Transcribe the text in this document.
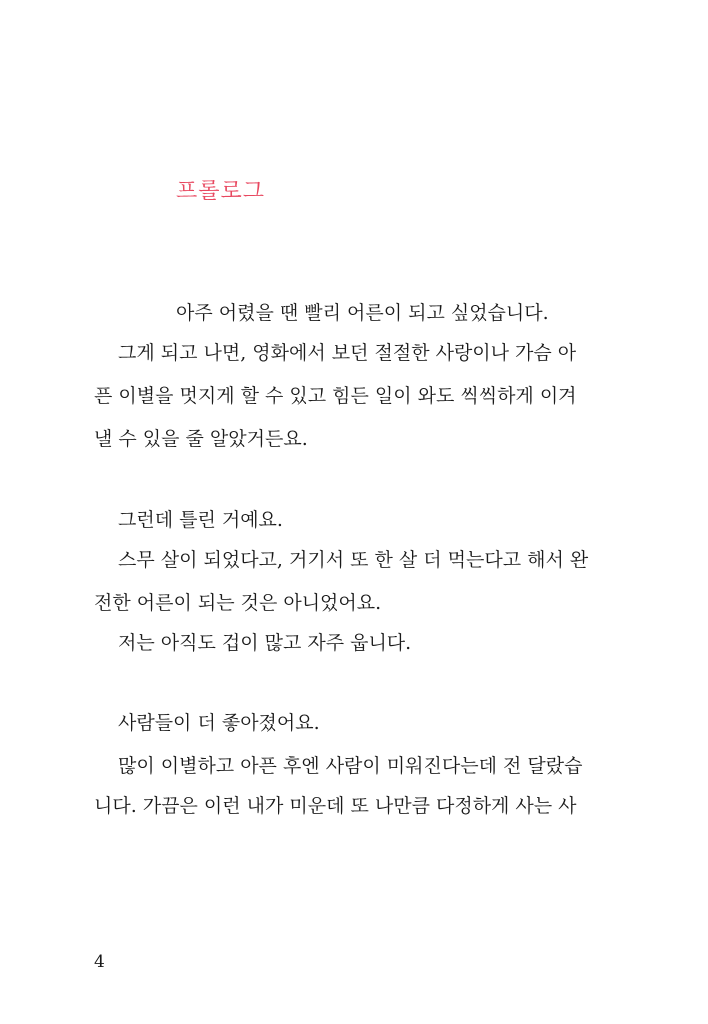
프롤로그
아주 어렸을 땐 빨리 어른이 되고 싶었습니다.
그게 되고 나면, 영화에서 보던 절절한 사랑이나 가슴 아
픈 이별을 멋지게 할 수 있고 힘든 일이 와도 씩씩하게 이겨
낼 수 있을 줄 알았거든요.
그런데 틀린 거예요.
스무 살이 되었다고, 거기서 또 한 살 더 먹는다고 해서 완
전한 어른이 되는 것은 아니었어요.
저는 아직도 겁이 많고 자주 웁니다.
사람들이 더 좋아졌어요.
많이 이별하고 아픈 후엔 사람이 미워진다는데 전 달랐습
니다. 가끔은 이런 내가 미운데 또 나만큼 다정하게 사는 사
4
